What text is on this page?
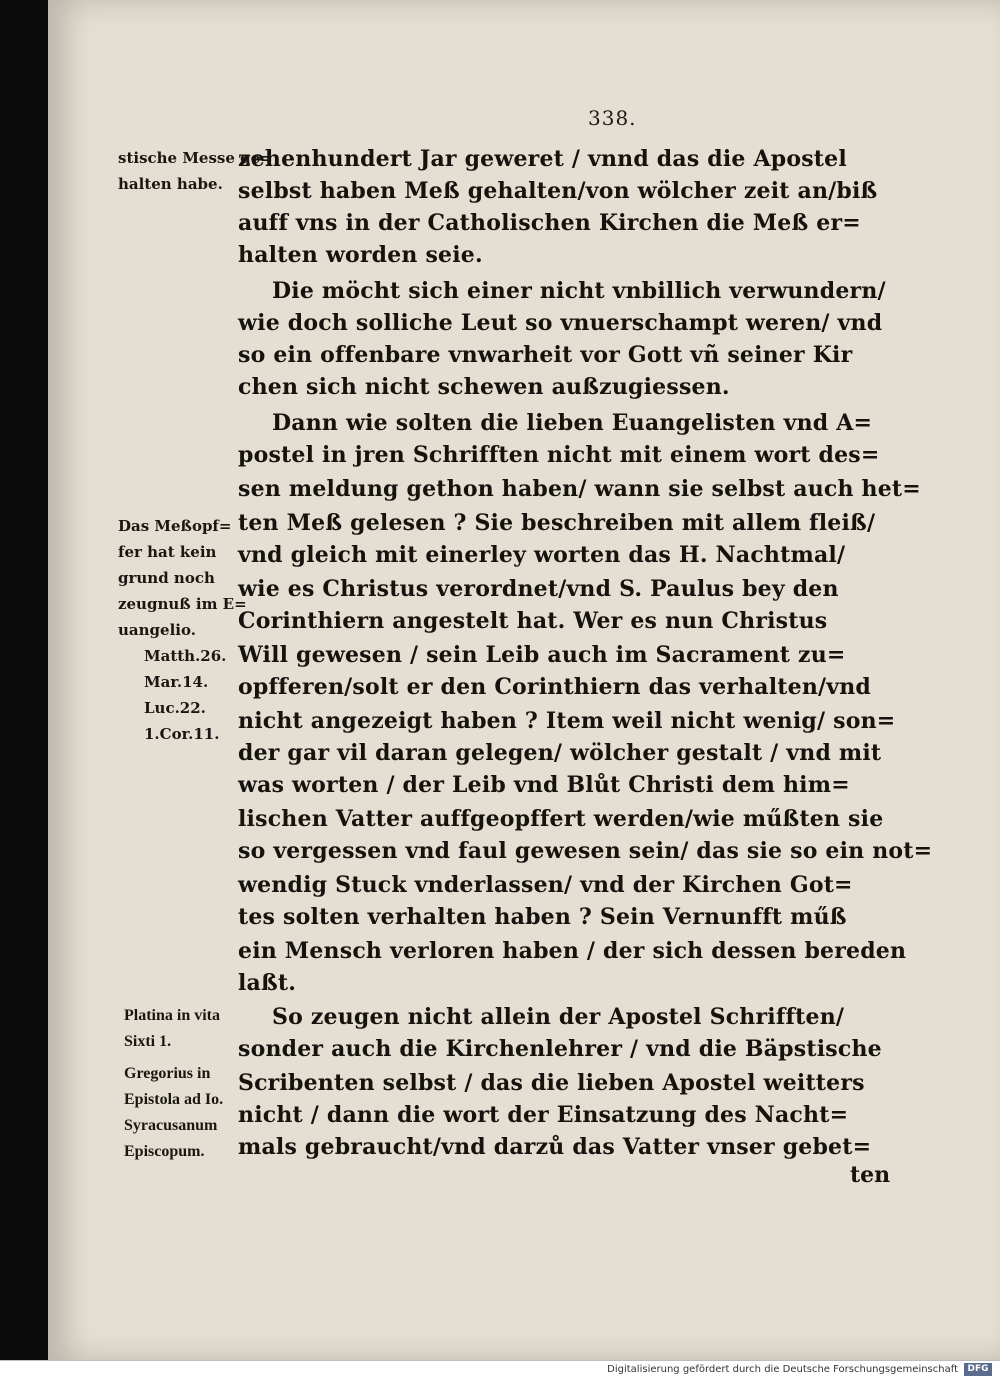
338.
stische Messe ge=
halten habe.
Das Meßopf=
fer hat kein
grund noch
zeugnuß im E=
uangelio.
Matth.26.
Mar.14.
Luc.22.
1.Cor.11.
Platina in vita
Sixti 1.
Gregorius in
Epistola ad Io.
Syracusanum
Episcopum.
zehenhundert Jar geweret / vnnd das die Apostel
selbst haben Meß gehalten/von wölcher zeit an/biß
auff vns in der Catholischen Kirchen die Meß er=
halten worden seie.
Die möcht sich einer nicht vnbillich verwundern/
wie doch solliche Leut so vnuerschampt weren/ vnd
so ein offenbare vnwarheit vor Gott vñ seiner Kir
chen sich nicht schewen außzugiessen.
Dann wie solten die lieben Euangelisten vnd A=
postel in jren Schrifften nicht mit einem wort des=
sen meldung gethon haben/ wann sie selbst auch het=
ten Meß gelesen ? Sie beschreiben mit allem fleiß/
vnd gleich mit einerley worten das H. Nachtmal/
wie es Christus verordnet/vnd S. Paulus bey den
Corinthiern angestelt hat. Wer es nun Christus
Will gewesen / sein Leib auch im Sacrament zu=
opfferen/solt er den Corinthiern das verhalten/vnd
nicht angezeigt haben ? Item weil nicht wenig/ son=
der gar vil daran gelegen/ wölcher gestalt / vnd mit
was worten / der Leib vnd Blůt Christi dem him=
lischen Vatter auffgeopffert werden/wie műßten sie
so vergessen vnd faul gewesen sein/ das sie so ein not=
wendig Stuck vnderlassen/ vnd der Kirchen Got=
tes solten verhalten haben ? Sein Vernunfft műß
ein Mensch verloren haben / der sich dessen bereden
laßt.
So zeugen nicht allein der Apostel Schrifften/
sonder auch die Kirchenlehrer / vnd die Bäpstische
Scribenten selbst / das die lieben Apostel weitters
nicht / dann die wort der Einsatzung des Nacht=
mals gebraucht/vnd darzů das Vatter vnser gebet=
ten
Digitalisierung gefördert durch die Deutsche Forschungsgemeinschaft	DFG
